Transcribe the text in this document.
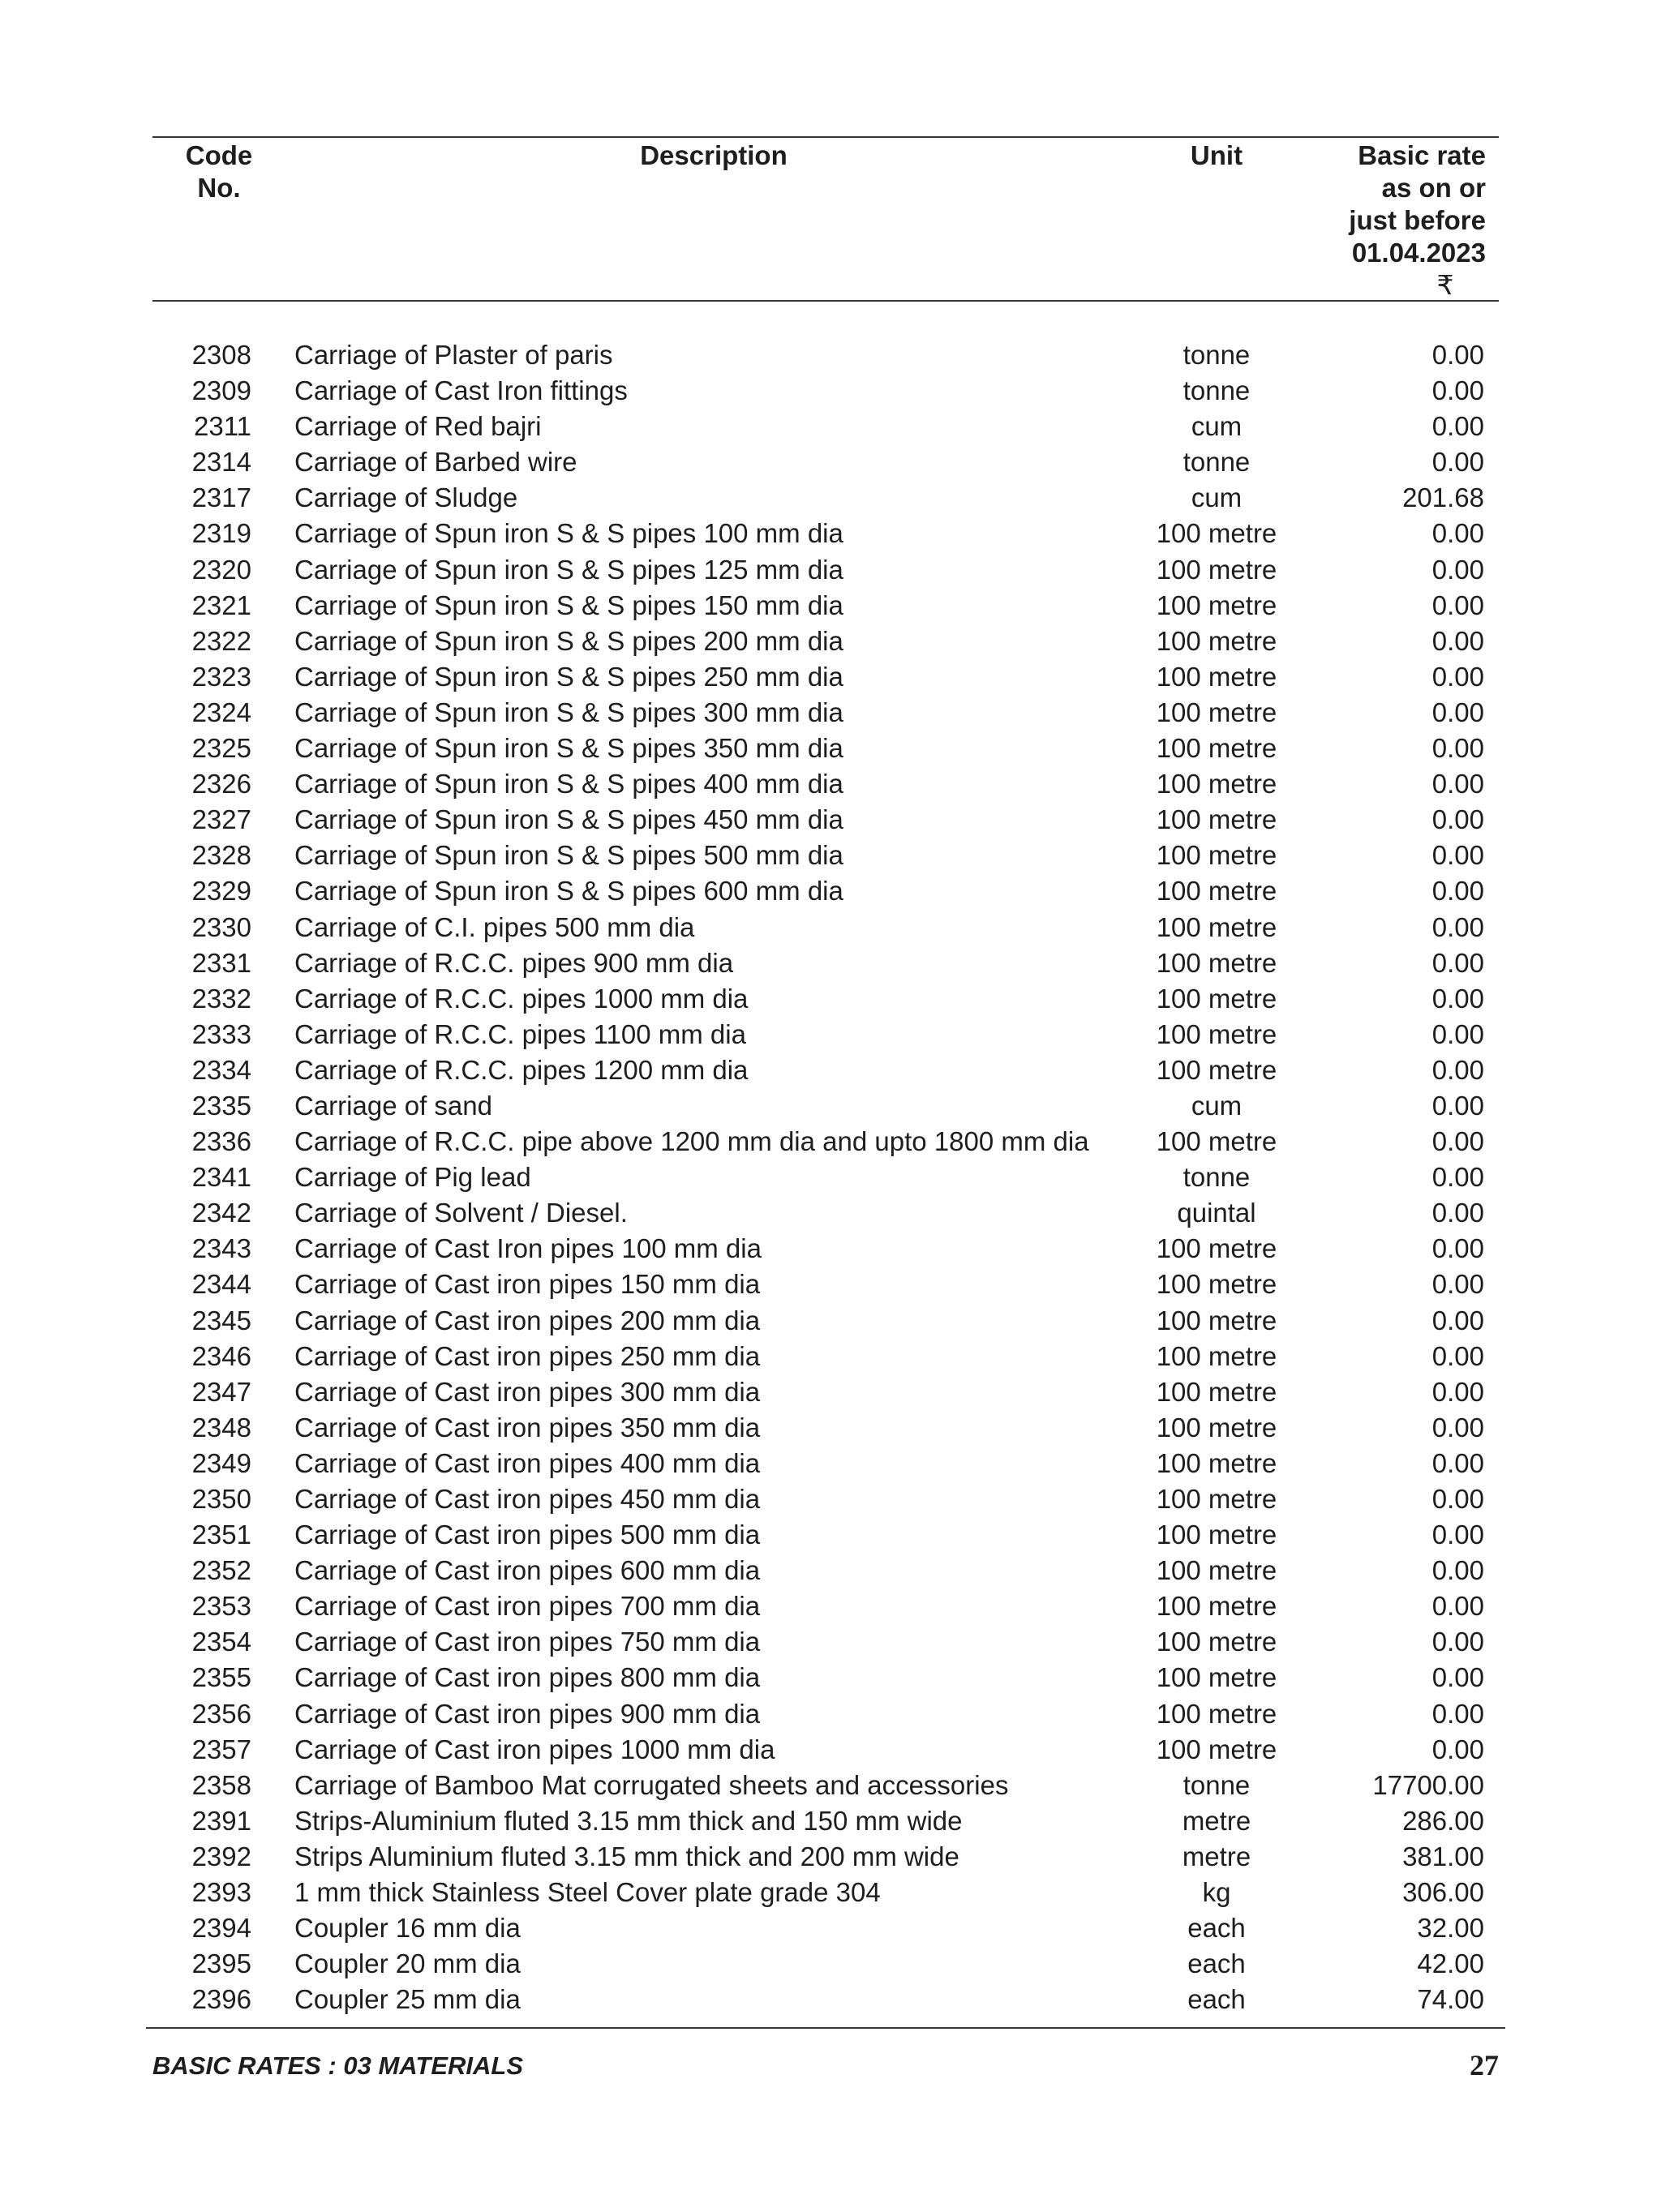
Code
No.
Description	Unit	Basic rate
as on or
just before
01.04.2023
₹
2308 Carriage of Plaster of paris	tonne	0.00
2309 Carriage of Cast Iron fittings	tonne	0.00
2311 Carriage of Red bajri	cum	0.00
2314 Carriage of Barbed wire	tonne	0.00
2317 Carriage of Sludge	cum	201.68
2319 Carriage of Spun iron S & S pipes 100 mm dia	100 metre	0.00
2320 Carriage of Spun iron S & S pipes 125 mm dia	100 metre	0.00
2321 Carriage of Spun iron S & S pipes 150 mm dia	100 metre	0.00
2322 Carriage of Spun iron S & S pipes 200 mm dia	100 metre	0.00
2323 Carriage of Spun iron S & S pipes 250 mm dia	100 metre	0.00
2324 Carriage of Spun iron S & S pipes 300 mm dia	100 metre	0.00
2325 Carriage of Spun iron S & S pipes 350 mm dia	100 metre	0.00
2326 Carriage of Spun iron S & S pipes 400 mm dia	100 metre	0.00
2327 Carriage of Spun iron S & S pipes 450 mm dia	100 metre	0.00
2328 Carriage of Spun iron S & S pipes 500 mm dia	100 metre	0.00
2329 Carriage of Spun iron S & S pipes 600 mm dia	100 metre	0.00
2330 Carriage of C.I. pipes 500 mm dia	100 metre	0.00
2331 Carriage of R.C.C. pipes 900 mm dia	100 metre	0.00
2332 Carriage of R.C.C. pipes 1000 mm dia	100 metre	0.00
2333 Carriage of R.C.C. pipes 1100 mm dia	100 metre	0.00
2334 Carriage of R.C.C. pipes 1200 mm dia	100 metre	0.00
2335 Carriage of sand	cum	0.00
2336 Carriage of R.C.C. pipe above 1200 mm dia and upto 1800 mm dia	100 metre	0.00
2341 Carriage of Pig lead	tonne	0.00
2342 Carriage of Solvent / Diesel.	quintal	0.00
2343 Carriage of Cast Iron pipes 100 mm dia	100 metre	0.00
2344 Carriage of Cast iron pipes 150 mm dia	100 metre	0.00
2345 Carriage of Cast iron pipes 200 mm dia	100 metre	0.00
2346 Carriage of Cast iron pipes 250 mm dia	100 metre	0.00
2347 Carriage of Cast iron pipes 300 mm dia	100 metre	0.00
2348 Carriage of Cast iron pipes 350 mm dia	100 metre	0.00
2349 Carriage of Cast iron pipes 400 mm dia	100 metre	0.00
2350 Carriage of Cast iron pipes 450 mm dia	100 metre	0.00
2351 Carriage of Cast iron pipes 500 mm dia	100 metre	0.00
2352 Carriage of Cast iron pipes 600 mm dia	100 metre	0.00
2353 Carriage of Cast iron pipes 700 mm dia	100 metre	0.00
2354 Carriage of Cast iron pipes 750 mm dia	100 metre	0.00
2355 Carriage of Cast iron pipes 800 mm dia	100 metre	0.00
2356 Carriage of Cast iron pipes 900 mm dia	100 metre	0.00
2357 Carriage of Cast iron pipes 1000 mm dia	100 metre	0.00
2358 Carriage of Bamboo Mat corrugated sheets and accessories	tonne	17700.00
2391 Strips-Aluminium fluted 3.15 mm thick and 150 mm wide	metre	286.00
2392 Strips Aluminium fluted 3.15 mm thick and 200 mm wide	metre	381.00
2393 1 mm thick Stainless Steel Cover plate grade 304	kg	306.00
2394 Coupler 16 mm dia	each	32.00
2395 Coupler 20 mm dia	each	42.00
2396 Coupler 25 mm dia	each	74.00
BASIC RATES : 03 MATERIALS	27
